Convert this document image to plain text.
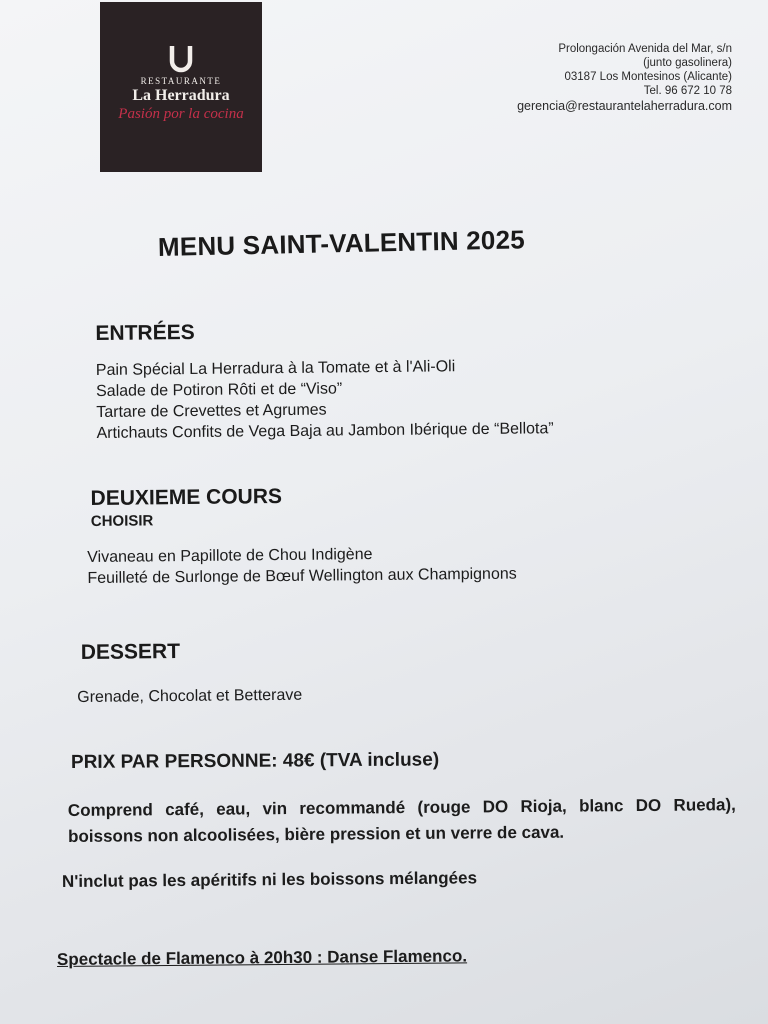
RESTAURANTE
La Herradura
Pasión por la cocina
Prolongación Avenida del Mar, s/n
(junto gasolinera)
03187 Los Montesinos (Alicante)
Tel. 96 672 10 78
gerencia@restaurantelaherradura.com
MENU SAINT-VALENTIN 2025
ENTRÉES
Pain Spécial La Herradura à la Tomate et à l'Ali-Oli
Salade de Potiron Rôti et de “Viso”
Tartare de Crevettes et Agrumes
Artichauts Confits de Vega Baja au Jambon Ibérique de “Bellota”
DEUXIEME COURS
CHOISIR
Vivaneau en Papillote de Chou Indigène
Feuilleté de Surlonge de Bœuf Wellington aux Champignons
DESSERT
Grenade, Chocolat et Betterave
PRIX PAR PERSONNE: 48€ (TVA incluse)
Comprend café, eau, vin recommandé (rouge DO Rioja, blanc DO Rueda), boissons non alcoolisées, bière pression et un verre de cava.
N'inclut pas les apéritifs ni les boissons mélangées
Spectacle de Flamenco à 20h30 : Danse Flamenco.
